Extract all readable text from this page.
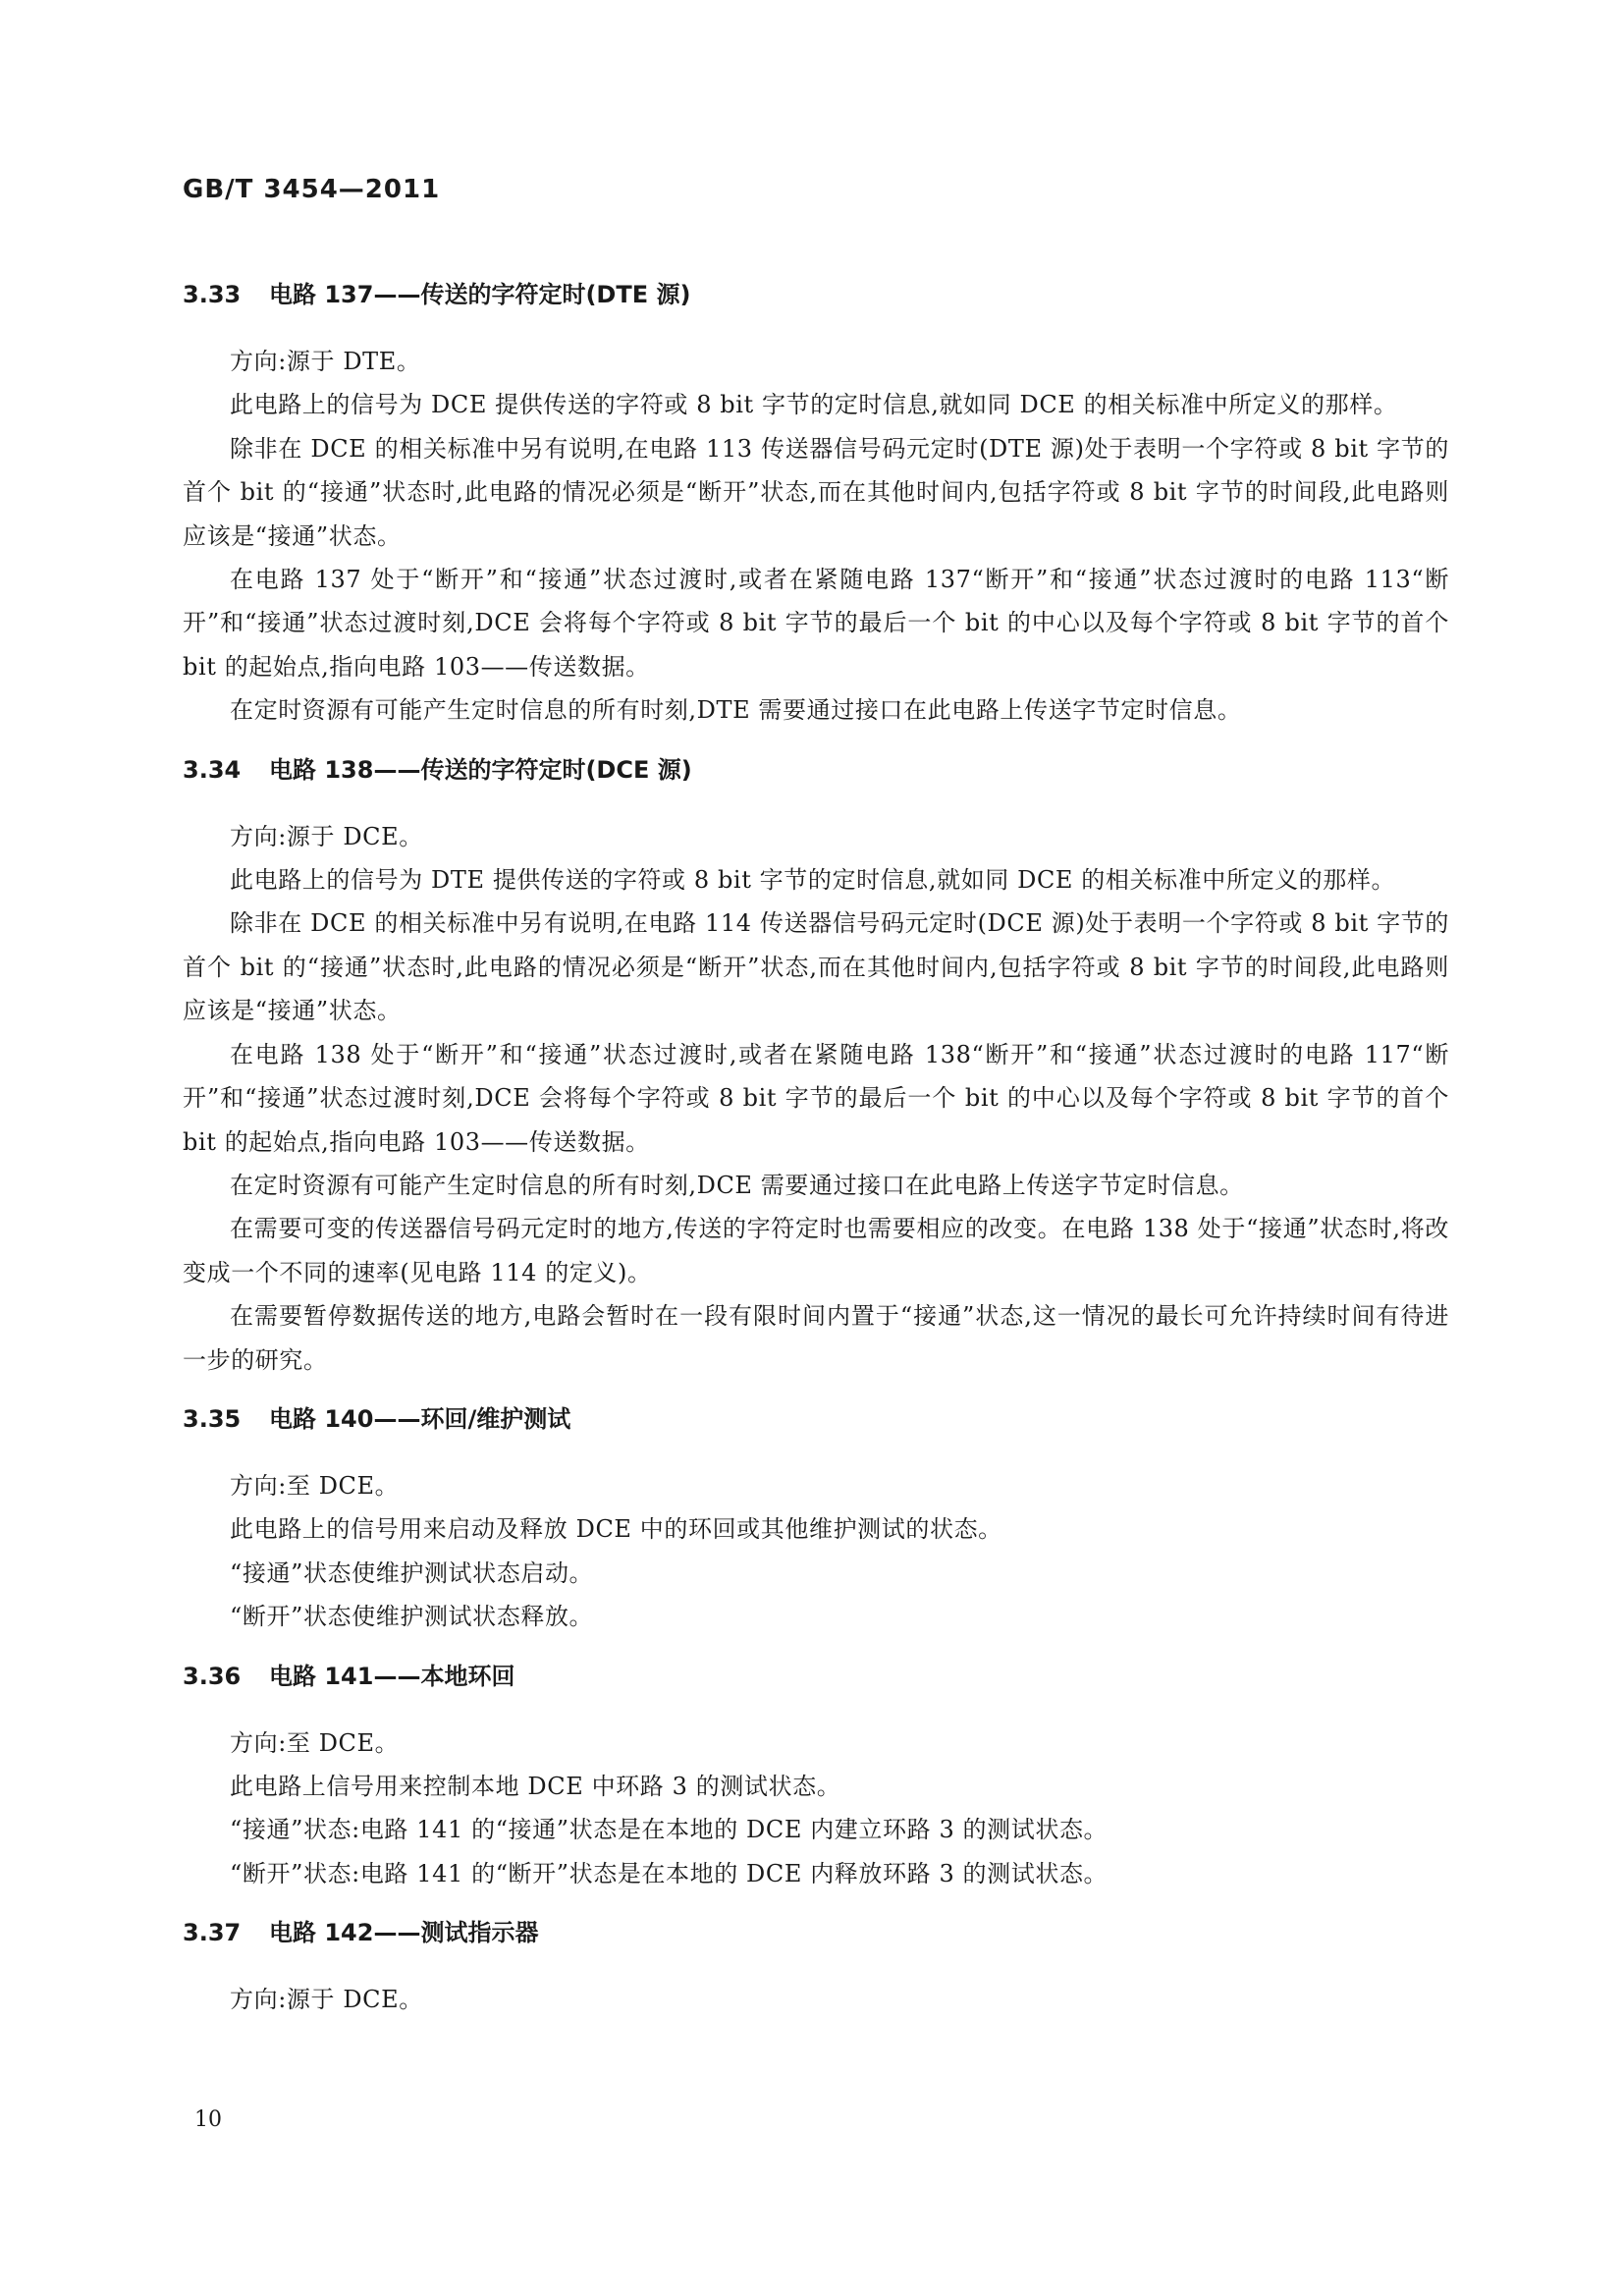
GB/T 3454—2011
3.33 电路 137——传送的字符定时(DTE 源)

方向:源于 DTE。

此电路上的信号为 DCE 提供传送的字符或 8 bit 字节的定时信息,就如同 DCE 的相关标准中所定义的那样。

除非在 DCE 的相关标准中另有说明,在电路 113 传送器信号码元定时(DTE 源)处于表明一个字符或 8 bit 字节的首个 bit 的“接通”状态时,此电路的情况必须是“断开”状态,而在其他时间内,包括字符或 8 bit 字节的时间段,此电路则应该是“接通”状态。

在电路 137 处于“断开”和“接通”状态过渡时,或者在紧随电路 137“断开”和“接通”状态过渡时的电路 113“断开”和“接通”状态过渡时刻,DCE 会将每个字符或 8 bit 字节的最后一个 bit 的中心以及每个字符或 8 bit 字节的首个 bit 的起始点,指向电路 103——传送数据。

在定时资源有可能产生定时信息的所有时刻,DTE 需要通过接口在此电路上传送字节定时信息。

3.34 电路 138——传送的字符定时(DCE 源)

方向:源于 DCE。

此电路上的信号为 DTE 提供传送的字符或 8 bit 字节的定时信息,就如同 DCE 的相关标准中所定义的那样。

除非在 DCE 的相关标准中另有说明,在电路 114 传送器信号码元定时(DCE 源)处于表明一个字符或 8 bit 字节的首个 bit 的“接通”状态时,此电路的情况必须是“断开”状态,而在其他时间内,包括字符或 8 bit 字节的时间段,此电路则应该是“接通”状态。

在电路 138 处于“断开”和“接通”状态过渡时,或者在紧随电路 138“断开”和“接通”状态过渡时的电路 117“断开”和“接通”状态过渡时刻,DCE 会将每个字符或 8 bit 字节的最后一个 bit 的中心以及每个字符或 8 bit 字节的首个 bit 的起始点,指向电路 103——传送数据。

在定时资源有可能产生定时信息的所有时刻,DCE 需要通过接口在此电路上传送字节定时信息。

在需要可变的传送器信号码元定时的地方,传送的字符定时也需要相应的改变。在电路 138 处于“接通”状态时,将改变成一个不同的速率(见电路 114 的定义)。

在需要暂停数据传送的地方,电路会暂时在一段有限时间内置于“接通”状态,这一情况的最长可允许持续时间有待进一步的研究。

3.35 电路 140——环回/维护测试

方向:至 DCE。

此电路上的信号用来启动及释放 DCE 中的环回或其他维护测试的状态。

“接通”状态使维护测试状态启动。

“断开”状态使维护测试状态释放。

3.36 电路 141——本地环回

方向:至 DCE。

此电路上信号用来控制本地 DCE 中环路 3 的测试状态。

“接通”状态:电路 141 的“接通”状态是在本地的 DCE 内建立环路 3 的测试状态。

“断开”状态:电路 141 的“断开”状态是在本地的 DCE 内释放环路 3 的测试状态。

3.37 电路 142——测试指示器

方向:源于 DCE。

10
